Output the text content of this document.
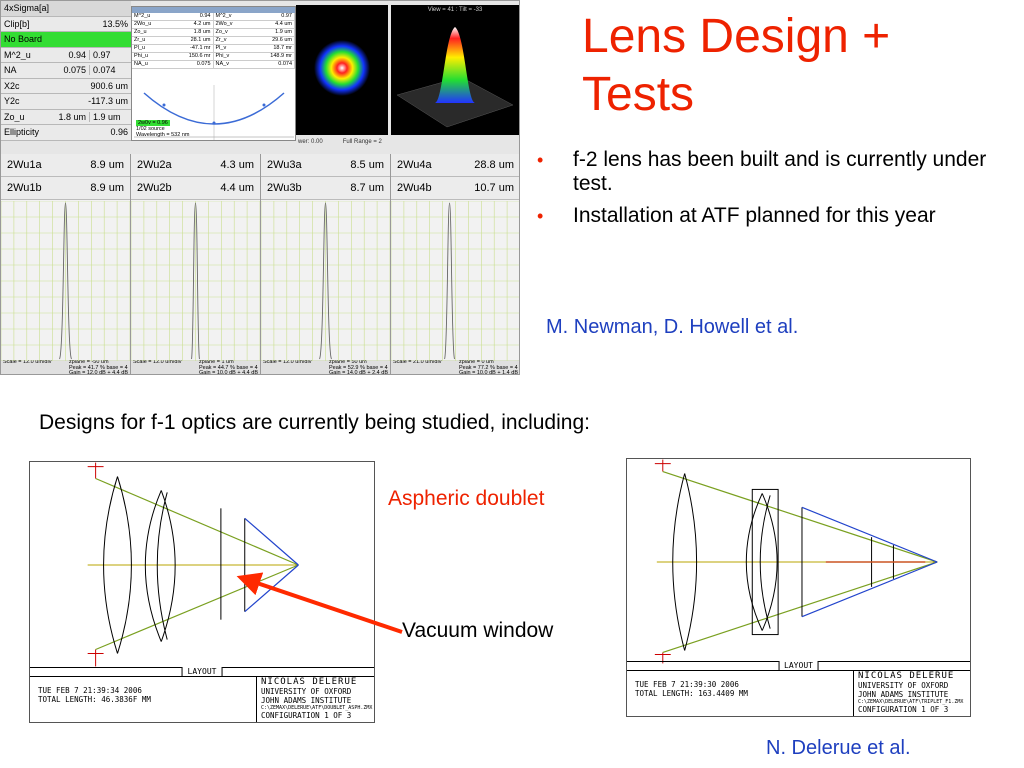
4xSigma[a]
Clip[b]	13.5%
No Board
M^2_u	0.94 0.97
NA	0.075 0.074
X2c	900.6 um
Y2c	-117.3 um
Zo_u	1.8 um 1.9 um
Ellipticity	0.96
M^2_u	0.94 M^2_v	0.97
2Wo_u	4.2 um 2Wo_v	4.4 um
Zo_u	1.8 um Zo_v	1.9 um
Zr_u	28.1 um Zr_v	29.6 um
Pl_u	-47.1 mr Pl_v	18.7 mr
Phi_u	150.6 mr Phi_v	148.9 mr
NA_u	0.075 NA_v	0.074
2w0v = 0.96
1/02 source
Wavelength = 532 nm
View = 41 : Tilt = -33
wer: 0.00	Full Range = 2
2Wu1a	8.9 um
2Wu1b	8.9 um
Scale = 12.0 um/div	zplane = -50 um
Peak = 41.7 % base = 4
Gain = 12.0 dB + 4.4 dB
2Wu2a	4.3 um
2Wu2b	4.4 um
Scale = 12.0 um/div	zplane = 1 um
Peak = 44.7 % base = 4
Gain = 10.0 dB + 4.4 dB
2Wu3a	8.5 um
2Wu3b	8.7 um
Scale = 12.0 um/div	zplane = 50 um
Peak = 52.9 % base = 4
Gain = 14.0 dB + 2.4 dB
2Wu4a	28.8 um
2Wu4b	10.7 um
Scale = 21.0 um/div	zplane = 0 um
Peak = 77.2 % base = 4
Gain = 10.0 dB + 1.4 dB
Lens Design + Tests
•	f-2 lens has been built and is currently under test.
•	Installation at ATF planned for this year
M. Newman, D. Howell et al.
Designs for f-1 optics are currently being studied, including:
LAYOUT
TUE FEB 7 21:39:34 2006
TOTAL LENGTH: 46.3836F MM
NICOLAS DELERUE
UNIVERSITY OF OXFORD
JOHN ADAMS INSTITUTE
C:\ZEMAX\DELERUE\ATF\DOUBLET_ASPH.ZMX
CONFIGURATION 1 OF 3
LAYOUT
TUE FEB 7 21:39:30 2006
TOTAL LENGTH: 163.4409 MM
NICOLAS DELERUE
UNIVERSITY OF OXFORD
JOHN ADAMS INSTITUTE
C:\ZEMAX\DELERUE\ATF\TRIPLET_F1.ZMX
CONFIGURATION 1 OF 3
Aspheric doublet
Vacuum window
N. Delerue et al.
